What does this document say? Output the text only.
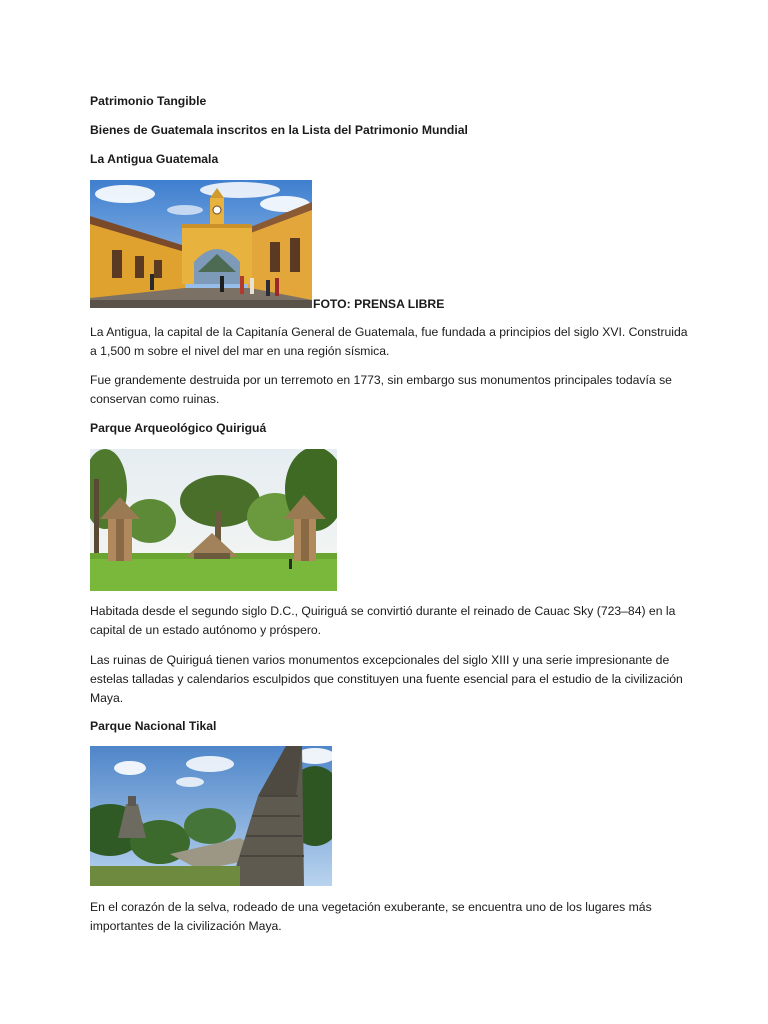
Patrimonio Tangible

Bienes de Guatemala inscritos en la Lista del Patrimonio Mundial

La Antigua Guatemala

FOTO: PRENSA LIBRE

La Antigua, la capital de la Capitanía General de Guatemala, fue fundada a principios del siglo XVI. Construida a 1,500 m sobre el nivel del mar en una región sísmica.

Fue grandemente destruida por un terremoto en 1773, sin embargo sus monumentos principales todavía se conservan como ruinas.

Parque Arqueológico Quiriguá

Habitada desde el segundo siglo D.C., Quiriguá se convirtió durante el reinado de Cauac Sky (723–84) en la capital de un estado autónomo y próspero.

Las ruinas de Quiriguá tienen varios monumentos excepcionales del siglo XIII y una serie impresionante de estelas talladas y calendarios esculpidos que constituyen una fuente esencial para el estudio de la civilización Maya.

Parque Nacional Tikal

En el corazón de la selva, rodeado de una vegetación exuberante, se encuentra uno de los lugares más importantes de la civilización Maya.
